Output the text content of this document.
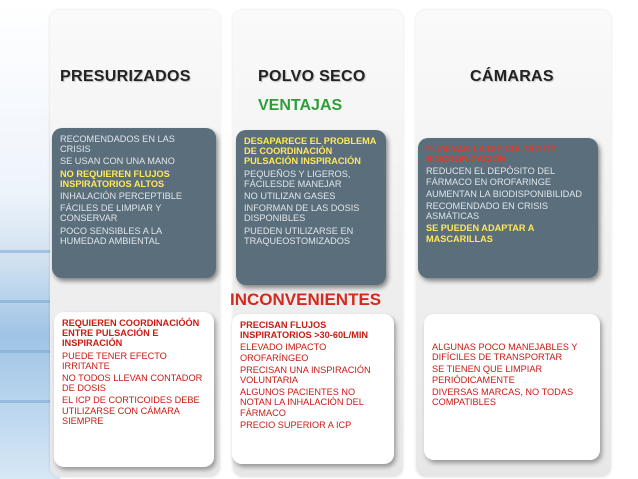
PRESURIZADOS	POLVO SECO	CÁMARAS
VENTAJAS
INCONVENIENTES
RECOMENDADOS EN LAS CRISIS
SE USAN CON UNA MANO
NO REQUIEREN FLUJOS INSPIRATORIOS ALTOS
INHALACIÓN PERCEPTIBLE
FÁCILES DE LIMPIAR Y CONSERVAR
POCO SENSIBLES A LA HUMEDAD AMBIENTAL
DESAPARECE EL PROBLEMA DE COORDINACIÓN PULSACIÓN INSPIRACIÓN
PEQUEÑOS Y LIGEROS, FÁCILESDE MANEJAR
NO UTILIZAN GASES
INFORMAN DE LAS DOSIS DISPONIBLES
PUEDEN UTILIZARSE EN TRAQUEOSTOMIZADOS
ELIMINAN LA DIFICULTAD DE SINCRONIZACIÓN
REDUCEN EL DEPÓSITO DEL FÁRMACO EN OROFARINGE
AUMENTAN LA BIODISPONIBILIDAD
RECOMENDADO EN CRISIS ASMÁTICAS
SE PUEDEN ADAPTAR A MASCARILLAS
REQUIEREN COORDINACIÓÓN ENTRE PULSACIÓN E INSPIRACIÓN
PUEDE TENER EFECTO IRRITANTE
NO TODOS LLEVAN CONTADOR DE DOSIS
EL ICP DE CORTICOIDES DEBE UTILIZARSE CON CÁMARA SIEMPRE
PRECISAN FLUJOS INSPIRATORIOS >30-60L/MIN
ELEVADO IMPACTO OROFARÍNGEO
PRECISAN UNA INSPIRACIÓN VOLUNTARIA
ALGUNOS PACIENTES NO NOTAN LA INHALACIÓN DEL FÁRMACO
PRECIO SUPERIOR A ICP
ALGUNAS POCO MANEJABLES Y DIFÍCILES DE TRANSPORTAR
SE TIENEN QUE LIMPIAR PERIÓDICAMENTE
DIVERSAS MARCAS, NO TODAS COMPATIBLES
